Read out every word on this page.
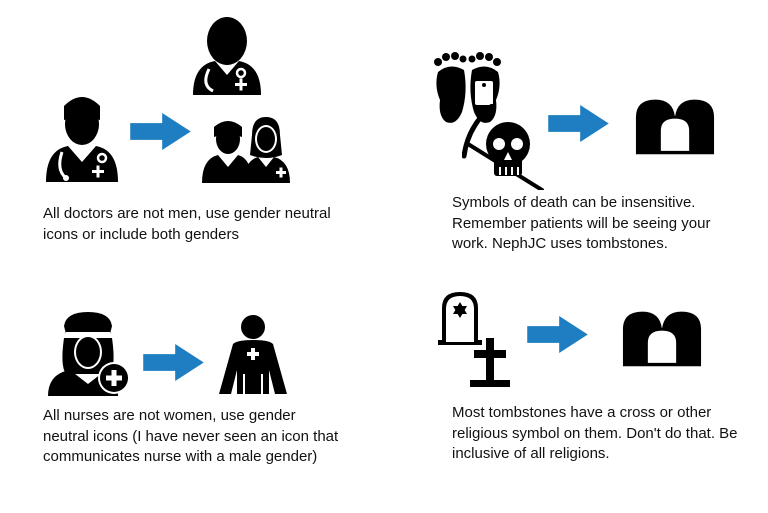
All doctors are not men, use gender neutral icons or include both genders
Symbols of death can be insensitive. Remember patients will be seeing your work. NephJC uses tombstones.
All nurses are not women, use gender neutral icons (I have never seen an icon that communicates nurse with a male gender)
Most tombstones have a cross or other religious symbol on them. Don't do that. Be inclusive of all religions.
